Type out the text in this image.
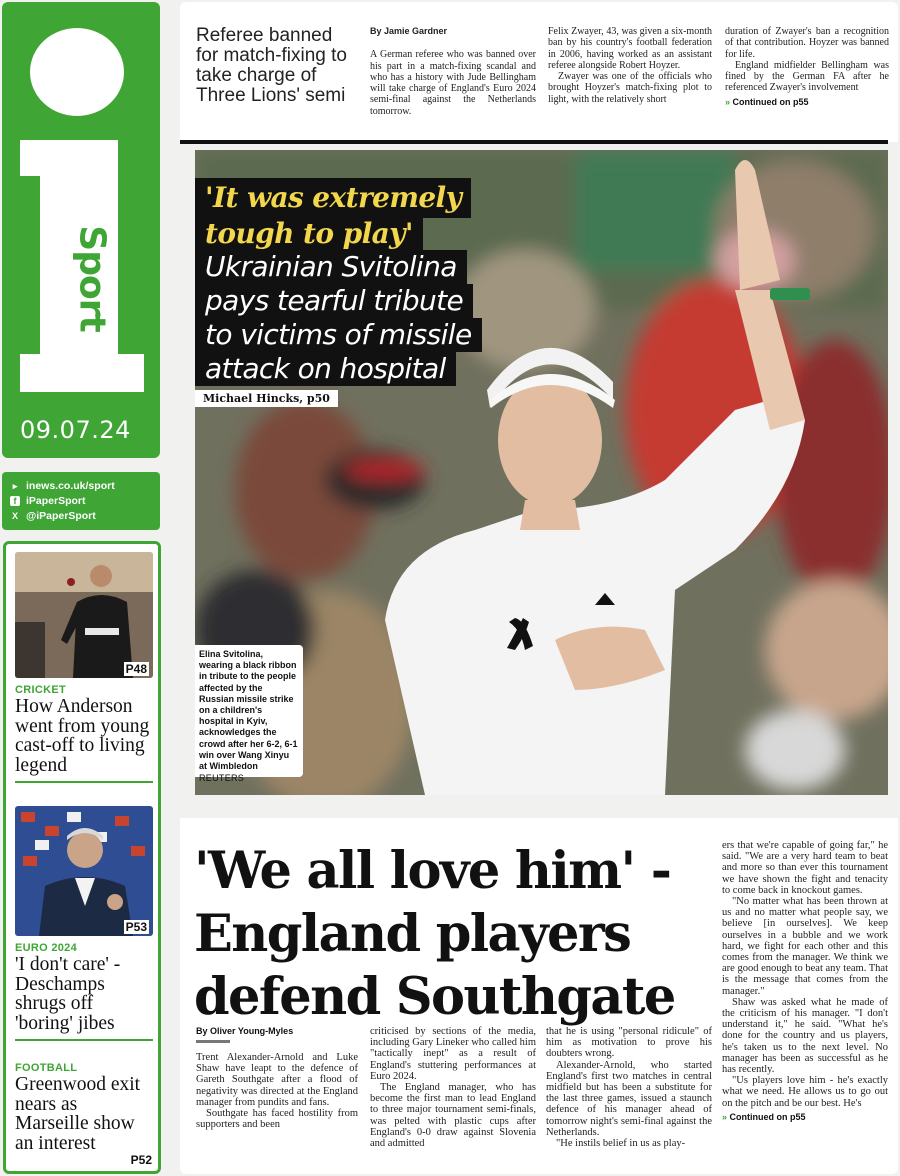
Sport
09.07.24
▸ inews.co.uk/sport
f iPaperSport
X @iPaperSport
P48
CRICKET
How Anderson went from young cast-off to living legend
P53
EURO 2024
'I don't care' - Deschamps shrugs off 'boring' jibes
FOOTBALL
Greenwood exit nears as Marseille show an interest
P52
Referee banned for match-fixing to take charge of Three Lions' semi
By Jamie Gardner

A German referee who was banned over his part in a match-fixing scandal and who has a history with Jude Bellingham will take charge of England's Euro 2024 semi-final against the Netherlands tomorrow.

Felix Zwayer, 43, was given a six-month ban by his country's football federation in 2006, having worked as an assistant referee alongside Robert Hoyzer.

Zwayer was one of the officials who brought Hoyzer's match-fixing plot to light, with the relatively short

duration of Zwayer's ban a recognition of that contribution. Hoyzer was banned for life.

England midfielder Bellingham was fined by the German FA after he referenced Zwayer's involvement

» Continued on p55
'It was extremely
tough to play'
Ukrainian Svitolina
pays tearful tribute
to victims of missile
attack on hospital
Michael Hincks, p50
Elina Svitolina, wearing a black ribbon in tribute to the people affected by the Russian missile strike on a children's hospital in Kyiv, acknowledges the crowd after her 6-2, 6-1 win over Wang Xinyu at Wimbledon
REUTERS
'We all love him' - England players defend Southgate
By Oliver Young-Myles

Trent Alexander-Arnold and Luke Shaw have leapt to the defence of Gareth Southgate after a flood of negativity was directed at the England manager from pundits and fans.

Southgate has faced hostility from supporters and been

criticised by sections of the media, including Gary Lineker who called him "tactically inept" as a result of England's stuttering performances at Euro 2024.

The England manager, who has become the first man to lead England to three major tournament semi-finals, was pelted with plastic cups after England's 0-0 draw against Slovenia and admitted

that he is using "personal ridicule" of him as motivation to prove his doubters wrong.

Alexander-Arnold, who started England's first two matches in central midfield but has been a substitute for the last three games, issued a staunch defence of his manager ahead of tomorrow night's semi-final against the Netherlands.

"He instils belief in us as play-

ers that we're capable of going far," he said. "We are a very hard team to beat and more so than ever this tournament we have shown the fight and tenacity to come back in knockout games.

"No matter what has been thrown at us and no matter what people say, we believe [in ourselves]. We keep ourselves in a bubble and we work hard, we fight for each other and this comes from the manager. We think we are good enough to beat any team. That is the message that comes from the manager."

Shaw was asked what he made of the criticism of his manager. "I don't understand it," he said. "What he's done for the country and us players, he's taken us to the next level. No manager has been as successful as he has recently.

"Us players love him - he's exactly what we need. He allows us to go out on the pitch and be our best. He's

» Continued on p55
